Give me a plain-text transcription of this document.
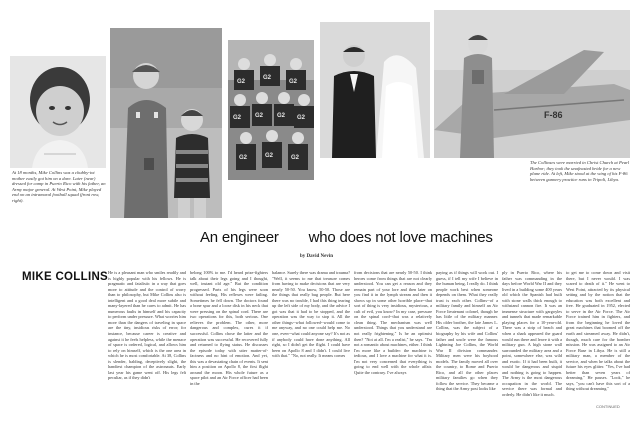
G2
G2
G2
G2 G2 G2 G2
G2	G2	G2
F-86
At 18 months, Mike Collins was a chubby-tot mother easily got him on a dare. Later (near) dressed for camp in Puerto Rico with his father, an Army major general. At West Point, Mike played end on an intramural football squad (front row, right).
The Collinses were married in Christ Church at Pearl Harbor; they took the unafeasted bride for a new plane ride. At left, Mike stood at the wing of his F-86 between gunnery practice runs in Tripoli, Libya.
An engineer who does not love machines
by David Nevin
MIKE COLLINS He is a pleasant man who smiles readily and is highly popular with his fellows. He is pragmatic and fatalistic in a way that goes more to attitude and the control of worry than to philosophy, but Mike Collins also is intelligent and a good deal more subtle and many-layered than he cares to admit. He has numerous faults in himself and his capacity to perform under pressure. What worries him more than the dangers of traveling in space are the tiny, insidious risks of error; for instance, because career is creative and against it he feels helpless, while the menace of space is ordered, logical, and allows him to rely on himself, which is the one area in which he is most comfortable. At 38, Collins is slender, balding, deceptively slight, the handiest champion of the astronauts. Early last year his game went off. His legs felt peculiar, as if they didn't
belong 100% to me. I'd heard prize-fighters talk about their legs going and I thought, well, instant old age." But the condition progressed. Parts of his legs were soon without feeling. His reflexes were failing. Sometimes he fell down. The doctors found a bone spur and a loose disk in his neck that were pressing on the spinal cord. There are two operations for this, both serious. One relieves the problem. The other, more dangerous and complex, cures it if successful. Collins chose the latter and the operation was successful. He recovered fully and returned to flying status. He discusses the episode today with utter matter-of-factness and no hint of emotion. And yet, this was a devastating chain of events. It sent him a position on Apollo 8, the first flight around the moon. His whole future as a space pilot and an Air Force officer had been in the
balance. Surely there was drama and trauma? "Well, it seems to me that treasure comes from having to make decisions that are very nearly 50-50. You know, 50-50. Those are the things that really bug people. But here there was no trouble, I had this thing tearing up the left side of my body, and the advice I got was that it had to be stopped, and the operation was the way to stop it. All the other things--what followed--would come to me anyway, and no one could help me. No one, even--what could anyone say? It's not as if anybody could have done anything. All right, so I didn't get the flight. I could have been on Apollo 8 and I didn't. I could live with that." "No, not really. It means comes
from decisions that are nearly 50-50. I think heroes come from things that are not clearly understood. You can get a reason and they remain part of your lore and then later on you find it in the lymph stream and then it shows up in some other horrible place--that sort of thing is very insidious, mysterious, a cult of evil, you know? In my case, pressure on the spinal cord--that was a relatively clean thing. The mechanism was well understood. Things that you understand are not really frightening." Is he an optimist then? "Not at all. I'm a realist," he says. "I'm not a romantic about machines, either. I think I'm more like a builder: the machine is tedious, and I love a machine for what it is. I'm not very concerned that everything is going to end well with the whole affair. Quite the contrary. I've always
paying as if things will work out. I guess, if I tell my wife I believe in the human being, I really do. I think people work best when someone depends on them. What they really trust is each other. Collins--of a military family and himself an Air Force lieutenant colonel, though he has little of the military manner. His older brother, the late James L. Collins, was the subject of a biography by his wife and Collins' father and uncle were the famous Lightning Joe Collins, the World War II division commander. Military men were his boyhood models. The family moved all over the country, to Rome and Puerto Rico, and all the other places military families go when they follow the service. They became a thing that the Army post looks like
ply in Puerto Rico, where his father was commanding in the days before World War II and they lived in a building some 400 years old which the Spanish had built with stone walls thick enough to withstand cannon fire. It was an immense structure with gargoyles and tunnels that made remarkable playing places for a 10-year-old. There was a strip of beach and when a shark appeared the guard would run there and leave it with a military gun. A high stone wall surrounded the military area and a point, somewhere else, was wild and exotic. If it had been built, it would be dangerous and stupid and nothing is going to happen. The Army is the most dangerous occupation in the world. The service there was formal and orderly. He didn't like it much.
to get me to come down and visit there, but I never would. I was scared to death of it." He went to West Point, attracted by its physical setting and by the notion that the education was both excellent and free. He graduated in 1952, elected to serve in the Air Force. The Air Force trained him in fighters, and from the beginning he loved the great machines that boomed off the earth and streamed away. He didn't, though, much care for the bomber mission. He was assigned to an Air Force Base in Libya. He is still a military man, a member of the service, and when he talks about the future his eyes glitter. "Yes, I've had better than seven years of dreaming." He pauses. "Look," he says, "you can't have this sort of a thing without dreaming."
CONTINUED
